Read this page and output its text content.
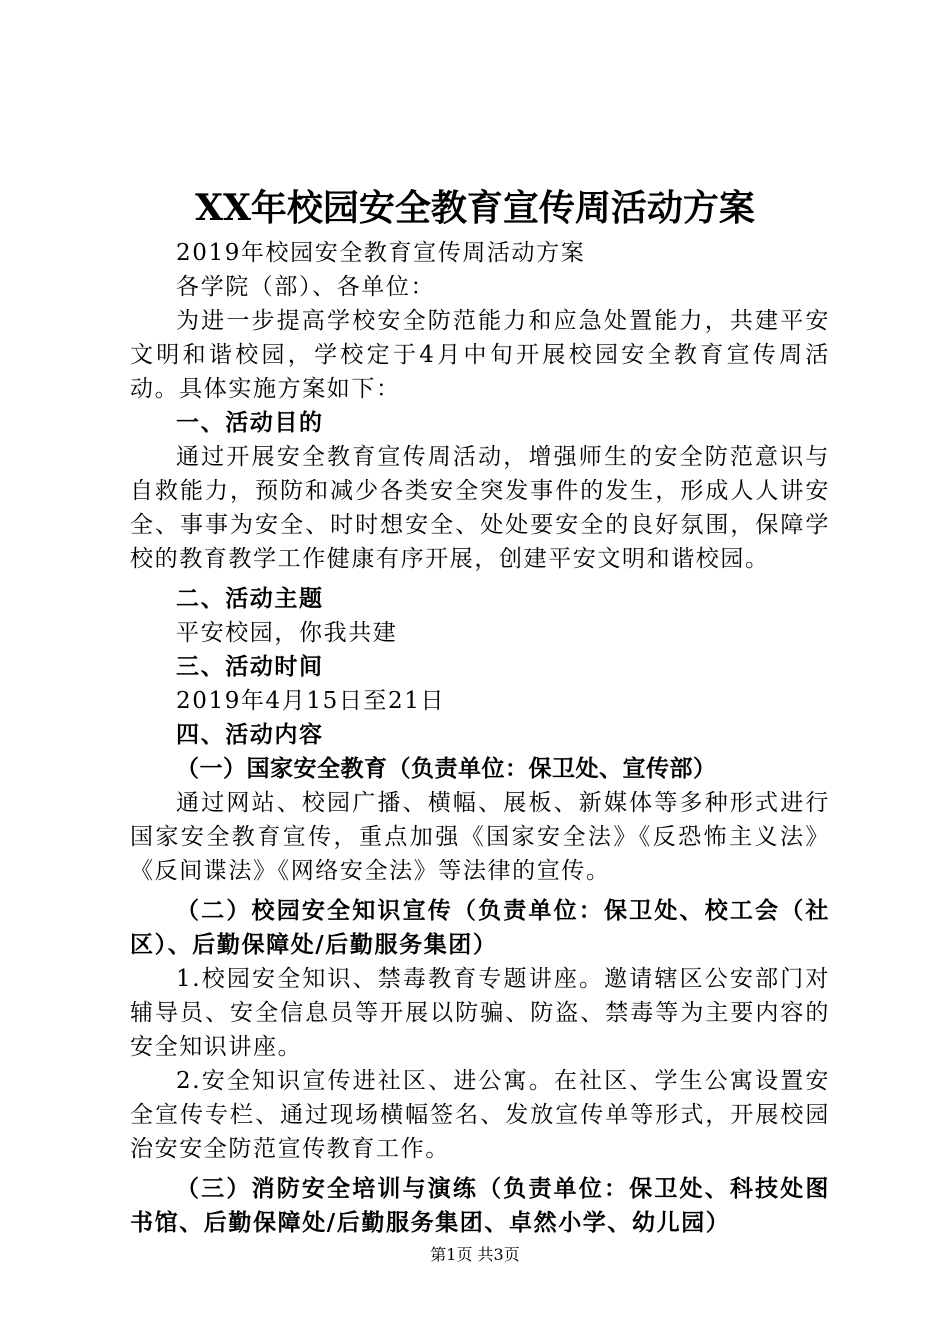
XX年校园安全教育宣传周活动方案

2019年校园安全教育宣传周活动方案

各学院（部）、各单位：

为进一步提高学校安全防范能力和应急处置能力，共建平安文明和谐校园，学校定于4月中旬开展校园安全教育宣传周活动。具体实施方案如下：

一、活动目的

通过开展安全教育宣传周活动，增强师生的安全防范意识与自救能力，预防和减少各类安全突发事件的发生，形成人人讲安全、事事为安全、时时想安全、处处要安全的良好氛围，保障学校的教育教学工作健康有序开展，创建平安文明和谐校园。

二、活动主题

平安校园，你我共建

三、活动时间

2019年4月15日至21日

四、活动内容

（一）国家安全教育（负责单位：保卫处、宣传部）

通过网站、校园广播、横幅、展板、新媒体等多种形式进行国家安全教育宣传，重点加强《国家安全法》《反恐怖主义法》《反间谍法》《网络安全法》等法律的宣传。

（二）校园安全知识宣传（负责单位：保卫处、校工会（社区）、后勤保障处/后勤服务集团）

1.校园安全知识、禁毒教育专题讲座。邀请辖区公安部门对辅导员、安全信息员等开展以防骗、防盗、禁毒等为主要内容的安全知识讲座。

2.安全知识宣传进社区、进公寓。在社区、学生公寓设置安全宣传专栏、通过现场横幅签名、发放宣传单等形式，开展校园治安安全防范宣传教育工作。

（三）消防安全培训与演练（负责单位：保卫处、科技处图书馆、后勤保障处/后勤服务集团、卓然小学、幼儿园）

第1页 共3页
